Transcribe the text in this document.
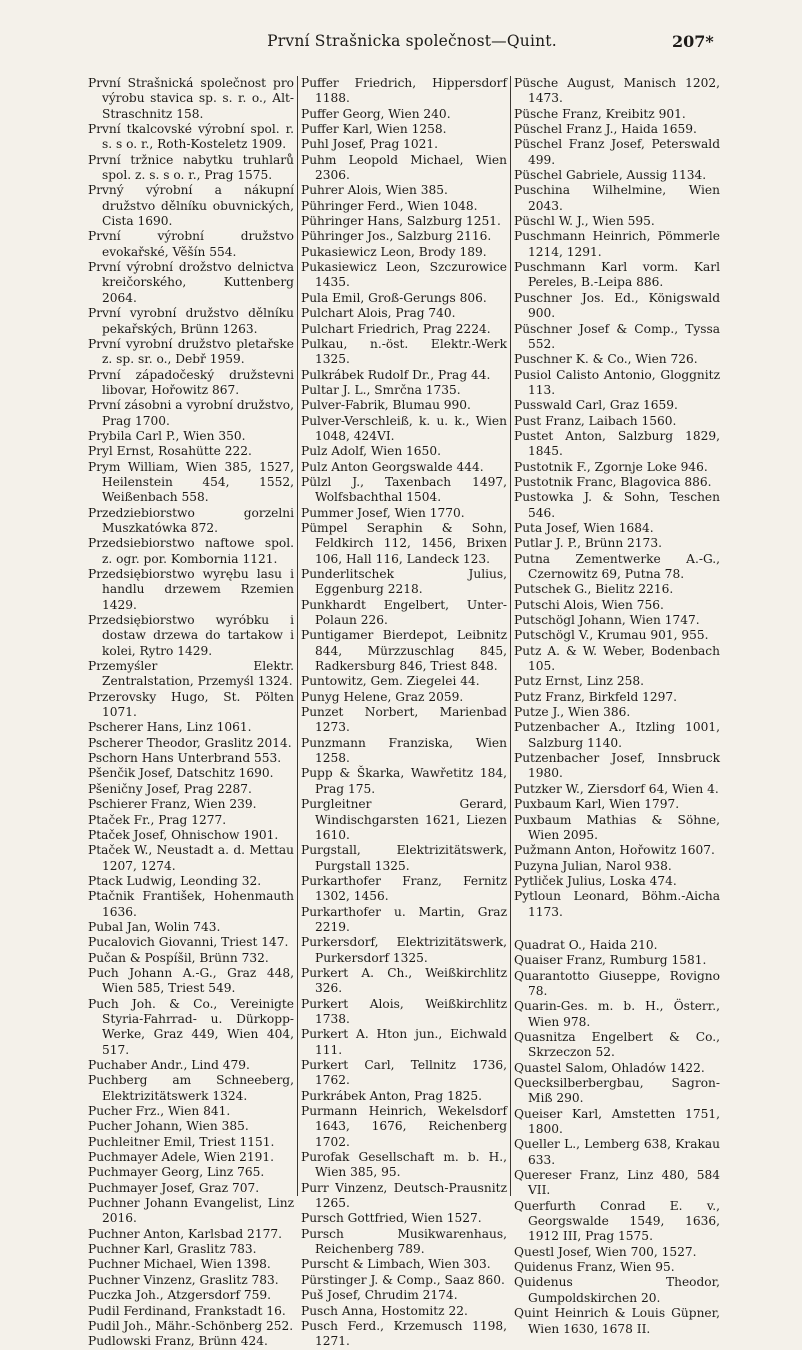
První Strašnicka společnost—Quint.	207*
První Strašnická společnost pro výrobu stavica sp. s. r. o., Alt-Straschnitz 158.
První tkalcovské výrobní spol. r. s. s o. r., Roth-Kosteletz 1909.
První tržnice nabytku truhlarů spol. z. s. s o. r., Prag 1575.
Prvný výrobní a nákupní družstvo dělníku obuvnických, Cista 1690.
První výrobní družstvo evokařské, Věšín 554.
První výrobní drožstvo delnictva kreičorského, Kuttenberg 2064.
První vyrobní družstvo dělníku pekařských, Brünn 1263.
První vyrobní družstvo pletařske z. sp. sr. o., Debř 1959.
První západočeský družstevni libovar, Hořowitz 867.
První zásobni a vyrobní družstvo, Prag 1700.
Prybila Carl P., Wien 350.
Pryl Ernst, Rosahütte 222.
Prym William, Wien 385, 1527, Heilenstein 454, 1552, Weißenbach 558.
Przedziebiorstwo gorzelni Muszkatówka 872.
Przedsiebiorstwo naftowe spol. z. ogr. por. Kombornia 1121.
Przedsiębiorstwo wyrębu lasu i handlu drzewem Rzemien 1429.
Przedsiębiorstwo wyróbku i dostaw drzewa do tartakow i kolei, Rytro 1429.
Przemyśler Elektr. Zentralstation, Przemyśl 1324.
Przerovsky Hugo, St. Pölten 1071.
Pscherer Hans, Linz 1061.
Pscherer Theodor, Graslitz 2014.
Pschorn Hans Unterbrand 553.
Pšenčik Josef, Datschitz 1690.
Pšeničny Josef, Prag 2287.
Pschierer Franz, Wien 239.
Ptaček Fr., Prag 1277.
Ptaček Josef, Ohnischow 1901.
Ptaček W., Neustadt a. d. Mettau 1207, 1274.
Ptack Ludwig, Leonding 32.
Ptačnik František, Hohenmauth 1636.
Pubal Jan, Wolin 743.
Pucalovich Giovanni, Triest 147.
Pučan & Pospíšil, Brünn 732.
Puch Johann A.-G., Graz 448, Wien 585, Triest 549.
Puch Joh. & Co., Vereinigte Styria-Fahrrad- u. Dürkopp-Werke, Graz 449, Wien 404, 517.
Puchaber Andr., Lind 479.
Puchberg am Schneeberg, Elektrizitätswerk 1324.
Pucher Frz., Wien 841.
Pucher Johann, Wien 385.
Puchleitner Emil, Triest 1151.
Puchmayer Adele, Wien 2191.
Puchmayer Georg, Linz 765.
Puchmayer Josef, Graz 707.
Puchner Johann Evangelist, Linz 2016.
Puchner Anton, Karlsbad 2177.
Puchner Karl, Graslitz 783.
Puchner Michael, Wien 1398.
Puchner Vinzenz, Graslitz 783.
Puczka Joh., Atzgersdorf 759.
Pudil Ferdinand, Frankstadt 16.
Pudil Joh., Mähr.-Schönberg 252.
Pudlowski Franz, Brünn 424.
Puffer Friedrich, Hippersdorf 1188.
Puffer Georg, Wien 240.
Puffer Karl, Wien 1258.
Puhl Josef, Prag 1021.
Puhm Leopold Michael, Wien 2306.
Puhrer Alois, Wien 385.
Pühringer Ferd., Wien 1048.
Pühringer Hans, Salzburg 1251.
Pühringer Jos., Salzburg 2116.
Pukasiewicz Leon, Brody 189.
Pukasiewicz Leon, Szczurowice 1435.
Pula Emil, Groß-Gerungs 806.
Pulchart Alois, Prag 740.
Pulchart Friedrich, Prag 2224.
Pulkau, n.-öst. Elektr.-Werk 1325.
Pulkrábek Rudolf Dr., Prag 44.
Pultar J. L., Smrčna 1735.
Pulver-Fabrik, Blumau 990.
Pulver-Verschleiß, k. u. k., Wien 1048, 424VI.
Pulz Adolf, Wien 1650.
Pulz Anton Georgswalde 444.
Pülzl J., Taxenbach 1497, Wolfsbachthal 1504.
Pummer Josef, Wien 1770.
Pümpel Seraphin & Sohn, Feldkirch 112, 1456, Brixen 106, Hall 116, Landeck 123.
Punderlitschek Julius, Eggenburg 2218.
Punkhardt Engelbert, Unter-Polaun 226.
Puntigamer Bierdepot, Leibnitz 844, Mürzzuschlag 845, Radkersburg 846, Triest 848.
Puntowitz, Gem. Ziegelei 44.
Punyg Helene, Graz 2059.
Punzet Norbert, Marienbad 1273.
Punzmann Franziska, Wien 1258.
Pupp & Škarka, Wawřetitz 184, Prag 175.
Purgleitner Gerard, Windischgarsten 1621, Liezen 1610.
Purgstall, Elektrizitätswerk, Purgstall 1325.
Purkarthofer Franz, Fernitz 1302, 1456.
Purkarthofer u. Martin, Graz 2219.
Purkersdorf, Elektrizitätswerk, Purkersdorf 1325.
Purkert A. Ch., Weißkirchlitz 326.
Purkert Alois, Weißkirchlitz 1738.
Purkert A. Hton jun., Eichwald 111.
Purkert Carl, Tellnitz 1736, 1762.
Purkrábek Anton, Prag 1825.
Purmann Heinrich, Wekelsdorf 1643, 1676, Reichenberg 1702.
Purofak Gesellschaft m. b. H., Wien 385, 95.
Purr Vinzenz, Deutsch-Prausnitz 1265.
Pursch Gottfried, Wien 1527.
Pursch Musikwarenhaus, Reichenberg 789.
Purscht & Limbach, Wien 303.
Pürstinger J. & Comp., Saaz 860.
Puš Josef, Chrudim 2174.
Pusch Anna, Hostomitz 22.
Pusch Ferd., Krzemusch 1198, 1271.
Püsche August, Manisch 1202, 1473.
Püsche Franz, Kreibitz 901.
Püschel Franz J., Haida 1659.
Püschel Franz Josef, Peterswald 499.
Püschel Gabriele, Aussig 1134.
Puschina Wilhelmine, Wien 2043.
Püschl W. J., Wien 595.
Puschmann Heinrich, Pömmerle 1214, 1291.
Puschmann Karl vorm. Karl Pereles, B.-Leipa 886.
Puschner Jos. Ed., Königswald 900.
Püschner Josef & Comp., Tyssa 552.
Puschner K. & Co., Wien 726.
Pusiol Calisto Antonio, Gloggnitz 113.
Pusswald Carl, Graz 1659.
Pust Franz, Laibach 1560.
Pustet Anton, Salzburg 1829, 1845.
Pustotnik F., Zgornje Loke 946.
Pustotnik Franc, Blagovica 886.
Pustowka J. & Sohn, Teschen 546.
Puta Josef, Wien 1684.
Putlar J. P., Brünn 2173.
Putna Zementwerke A.-G., Czernowitz 69, Putna 78.
Putschek G., Bielitz 2216.
Putschi Alois, Wien 756.
Putschögl Johann, Wien 1747.
Putschögl V., Krumau 901, 955.
Putz A. & W. Weber, Bodenbach 105.
Putz Ernst, Linz 258.
Putz Franz, Birkfeld 1297.
Putze J., Wien 386.
Putzenbacher A., Itzling 1001, Salzburg 1140.
Putzenbacher Josef, Innsbruck 1980.
Putzker W., Ziersdorf 64, Wien 4.
Puxbaum Karl, Wien 1797.
Puxbaum Mathias & Söhne, Wien 2095.
Pužmann Anton, Hořowitz 1607.
Puzyna Julian, Narol 938.
Pytliček Julius, Loska 474.
Pytloun Leonard, Böhm.-Aicha 1173.
Quadrat O., Haida 210.
Quaiser Franz, Rumburg 1581.
Quarantotto Giuseppe, Rovigno 78.
Quarin-Ges. m. b. H., Österr., Wien 978.
Quasnitza Engelbert & Co., Skrzeczon 52.
Quastel Salom, Ohladów 1422.
Quecksilberbergbau, Sagron-Miß 290.
Queiser Karl, Amstetten 1751, 1800.
Queller L., Lemberg 638, Krakau 633.
Quereser Franz, Linz 480, 584 VII.
Querfurth Conrad E. v., Georgswalde 1549, 1636, 1912 III, Prag 1575.
Questl Josef, Wien 700, 1527.
Quidenus Franz, Wien 95.
Quidenus Theodor, Gumpoldskirchen 20.
Quint Heinrich & Louis Güpner, Wien 1630, 1678 II.
